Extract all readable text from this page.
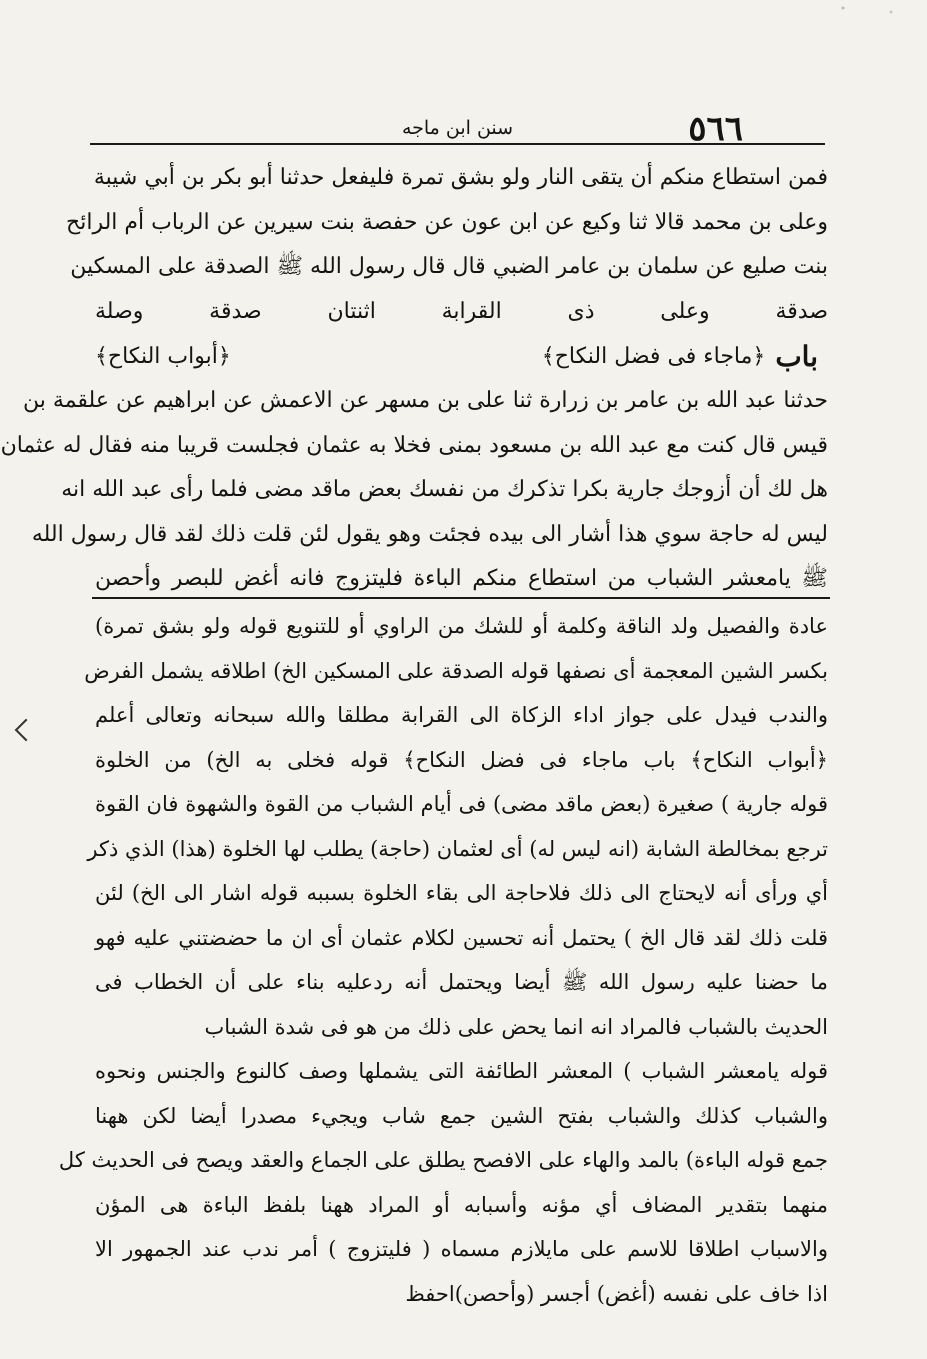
٥٦٦
سنن ابن ماجه
فمن استطاع منكم أن يتقى النار ولو بشق تمرة فليفعل حدثنا أبو بكر بن أبي شيبة
وعلى بن محمد قالا ثنا وكيع عن ابن عون عن حفصة بنت سيرين عن الرباب أم الرائح
بنت صليع عن سلمان بن عامر الضبي قال قال رسول الله ﷺ الصدقة على المسكين
صدقة وعلى ذى القرابة اثنتان صدقة وصلة
باب
﴿ماجاء فى فضل النكاح﴾
﴿أبواب النكاح﴾
حدثنا عبد الله بن عامر بن زرارة ثنا على بن مسهر عن الاعمش عن ابراهيم عن علقمة بن
قيس قال كنت مع عبد الله بن مسعود بمنى فخلا به عثمان فجلست قريبا منه فقال له عثمان
هل لك أن أزوجك جارية بكرا تذكرك من نفسك بعض ماقد مضى فلما رأى عبد الله انه
ليس له حاجة سوي هذا أشار الى بيده فجئت وهو يقول لئن قلت ذلك لقد قال رسول الله
ﷺ يامعشر الشباب من استطاع منكم الباءة فليتزوج فانه أغض للبصر وأحصن
عادة والفصيل ولد الناقة وكلمة أو للشك من الراوي أو للتنويع قوله ولو بشق تمرة)
بكسر الشين المعجمة أى نصفها قوله الصدقة على المسكين الخ) اطلاقه يشمل الفرض
والندب فيدل على جواز اداء الزكاة الى القرابة مطلقا والله سبحانه وتعالى أعلم
﴿أبواب النكاح﴾ باب ماجاء فى فضل النكاح﴾ قوله فخلى به الخ) من الخلوة
قوله جارية ) صغيرة (بعض ماقد مضى) فى أيام الشباب من القوة والشهوة فان القوة
ترجع بمخالطة الشابة (انه ليس له) أى لعثمان (حاجة) يطلب لها الخلوة (هذا) الذي ذكر
أي ورأى أنه لايحتاج الى ذلك فلاحاجة الى بقاء الخلوة بسببه قوله اشار الى الخ) لئن
قلت ذلك لقد قال الخ ) يحتمل أنه تحسين لكلام عثمان أى ان ما حضضتني عليه فهو
ما حضنا عليه رسول الله ﷺ أيضا ويحتمل أنه ردعليه بناء على أن الخطاب فى
الحديث بالشباب فالمراد انه انما يحض على ذلك من هو فى شدة الشباب
قوله يامعشر الشباب ) المعشر الطائفة التى يشملها وصف كالنوع والجنس ونحوه
والشباب كذلك والشباب بفتح الشين جمع شاب ويجيء مصدرا أيضا لكن ههنا
جمع قوله الباءة) بالمد والهاء على الافصح يطلق على الجماع والعقد ويصح فى الحديث كل
منهما بتقدير المضاف أي مؤنه وأسبابه أو المراد ههنا بلفظ الباءة هى المؤن
والاسباب اطلاقا للاسم على مايلازم مسماه ( فليتزوج ) أمر ندب عند الجمهور الا
اذا خاف على نفسه (أغض) أجسر (وأحصن)احفظ
